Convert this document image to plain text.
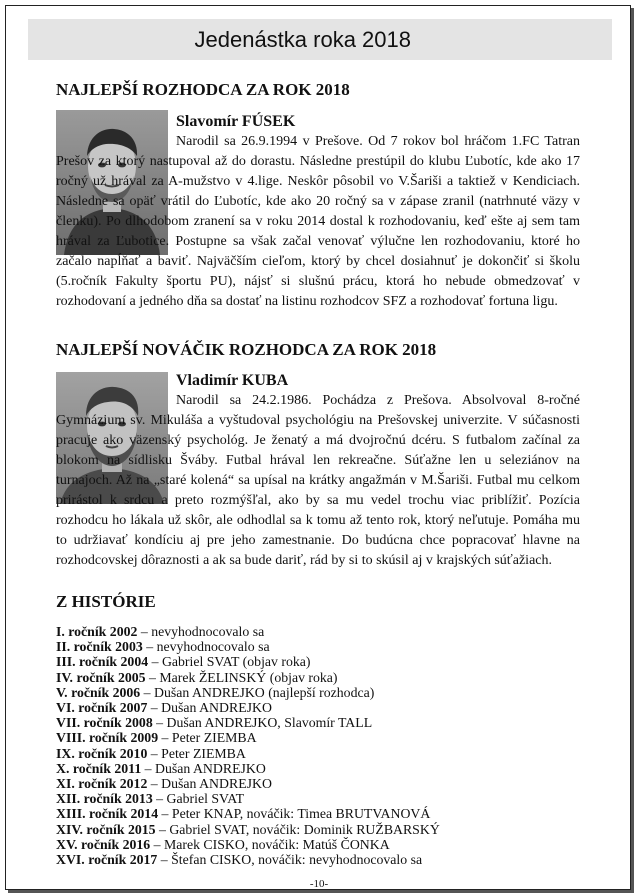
Jedenástka roka 2018
NAJLEPŠÍ ROZHODCA ZA ROK 2018
Slavomír FÚSEK
Narodil sa 26.9.1994 v Prešove. Od 7 rokov bol hráčom 1.FC Tatran Prešov za ktorý nastupoval až do dorastu. Následne prestúpil do klubu Ľubotíc, kde ako 17 ročný už hrával za A-mužstvo v 4.lige. Neskôr pôsobil vo V.Šariši a taktiež v Kendiciach. Následne sa opäť vrátil do Ľubotíc, kde ako 20 ročný sa v zápase zranil (natrhnuté väzy v členku). Po dlhodobom zranení sa v roku 2014 dostal k rozhodovaniu, keď ešte aj sem tam hrával za Ľubotice. Postupne sa však začal venovať výlučne len rozhodovaniu, ktoré ho začalo napĺňať a baviť. Najväčším cieľom, ktorý by chcel dosiahnuť je dokončiť si školu (5.ročník Fakulty športu PU), nájsť si slušnú prácu, ktorá ho nebude obmedzovať v rozhodovaní a jedného dňa sa dostať na listinu rozhodcov SFZ a rozhodovať fortuna ligu.
NAJLEPŠÍ NOVÁČIK ROZHODCA ZA ROK 2018
Vladimír KUBA
Narodil sa 24.2.1986. Pochádza z Prešova. Absolvoval 8-ročné Gymnázium sv. Mikuláša a vyštudoval psychológiu na Prešovskej univerzite. V súčasnosti pracuje ako väzenský psychológ. Je ženatý a má dvojročnú dcéru. S futbalom začínal za blokom na sídlisku Šváby. Futbal hrával len rekreačne. Súťažne len u seleziánov na turnajoch. Až na „staré kolená“ sa upísal na krátky angažmán v M.Šariši. Futbal mu celkom prirástol k srdcu a preto rozmýšľal, ako by sa mu vedel trochu viac priblížiť. Pozícia rozhodcu ho lákala už skôr, ale odhodlal sa k tomu až tento rok, ktorý neľutuje. Pomáha mu to udržiavať kondíciu aj pre jeho zamestnanie. Do budúcna chce popracovať hlavne na rozhodcovskej dôraznosti a ak sa bude dariť, rád by si to skúsil aj v krajských súťažiach.
Z HISTÓRIE
I. ročník 2002 – nevyhodnocovalo sa
II. ročník 2003 – nevyhodnocovalo sa
III. ročník 2004 – Gabriel SVAT (objav roka)
IV. ročník 2005 – Marek ŽELINSKÝ (objav roka)
V. ročník 2006 – Dušan ANDREJKO (najlepší rozhodca)
VI. ročník 2007 – Dušan ANDREJKO
VII. ročník 2008 – Dušan ANDREJKO, Slavomír TALL
VIII. ročník 2009 – Peter ZIEMBA
IX. ročník 2010 – Peter ZIEMBA
X. ročník 2011 – Dušan ANDREJKO
XI. ročník 2012 – Dušan ANDREJKO
XII. ročník 2013 – Gabriel SVAT
XIII. ročník 2014 – Peter KNAP, nováčik: Timea BRUTVANOVÁ
XIV. ročník 2015 – Gabriel SVAT, nováčik: Dominik RUŽBARSKÝ
XV. ročník 2016 – Marek CISKO, nováčik: Matúš ČONKA
XVI. ročník 2017 – Štefan CISKO, nováčik: nevyhodnocovalo sa
-10-
